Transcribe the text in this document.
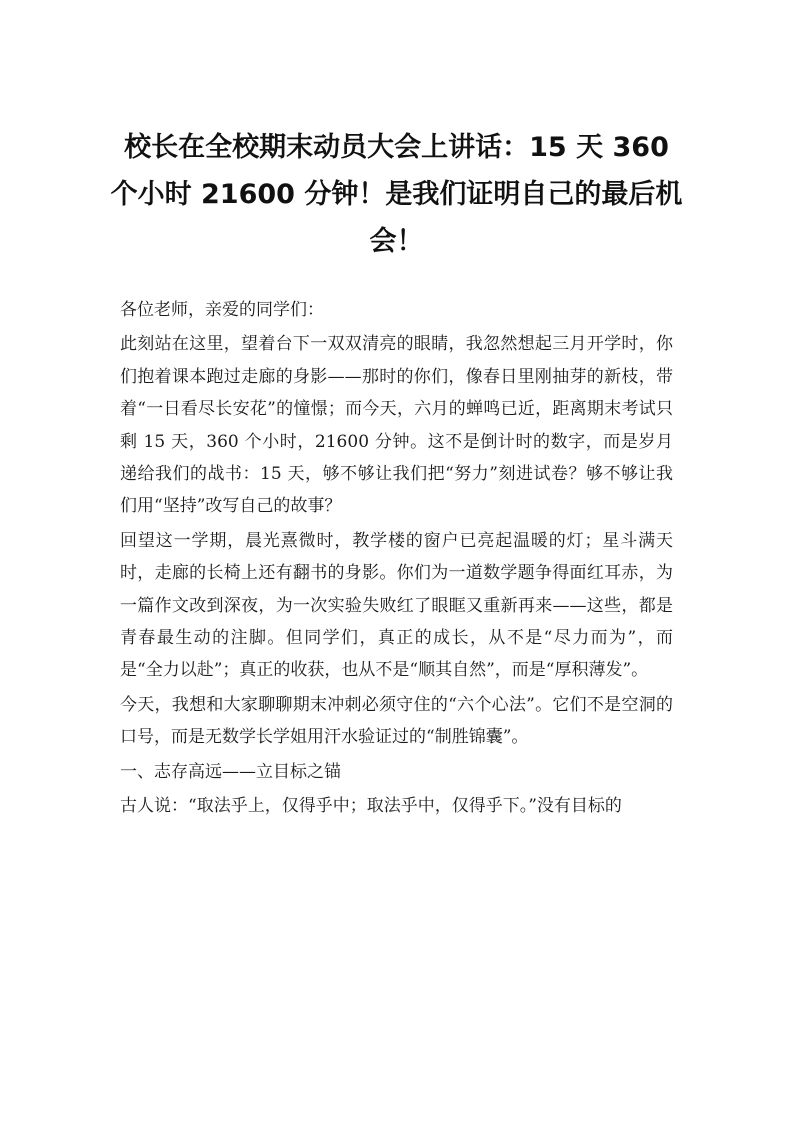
校长在全校期末动员大会上讲话：15 天 360 个小时 21600 分钟！是我们证明自己的最后机会！

各位老师，亲爱的同学们：

此刻站在这里，望着台下一双双清亮的眼睛，我忽然想起三月开学时，你们抱着课本跑过走廊的身影——那时的你们，像春日里刚抽芽的新枝，带着“一日看尽长安花”的憧憬；而今天，六月的蝉鸣已近，距离期末考试只剩 15 天，360 个小时，21600 分钟。这不是倒计时的数字，而是岁月递给我们的战书：15 天，够不够让我们把“努力”刻进试卷？够不够让我们用“坚持”改写自己的故事？

回望这一学期，晨光熹微时，教学楼的窗户已亮起温暖的灯；星斗满天时，走廊的长椅上还有翻书的身影。你们为一道数学题争得面红耳赤，为一篇作文改到深夜，为一次实验失败红了眼眶又重新再来——这些，都是青春最生动的注脚。但同学们，真正的成长，从不是“尽力而为”，而是“全力以赴”；真正的收获，也从不是“顺其自然”，而是“厚积薄发”。

今天，我想和大家聊聊期末冲刺必须守住的“六个心法”。它们不是空洞的口号，而是无数学长学姐用汗水验证过的“制胜锦囊”。

一、志存高远——立目标之锚

古人说：“取法乎上，仅得乎中；取法乎中，仅得乎下。”没有目标的
